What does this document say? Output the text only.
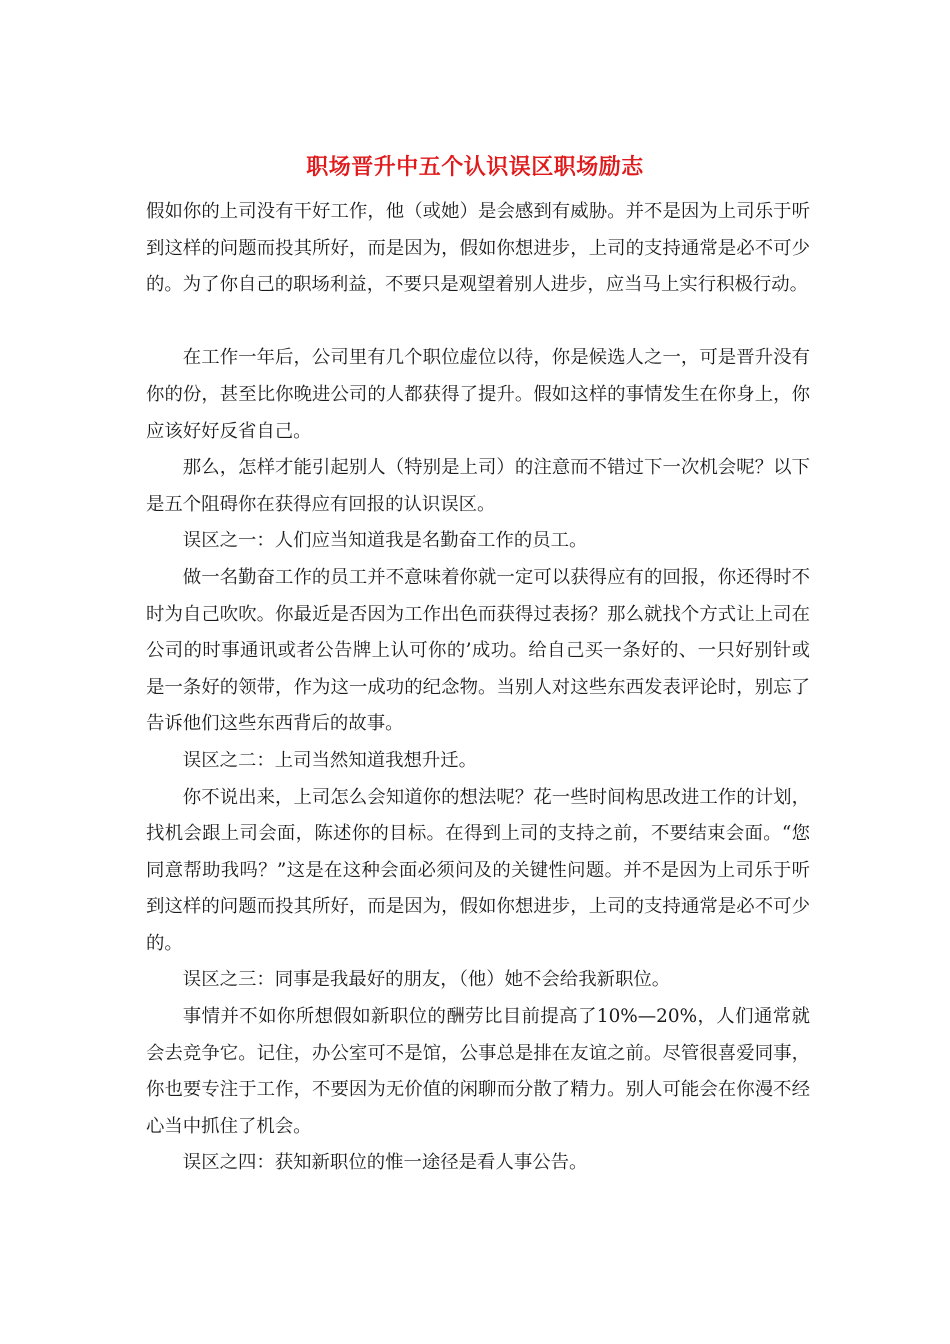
职场晋升中五个认识误区职场励志

假如你的上司没有干好工作，他（或她）是会感到有威胁。并不是因为上司乐于听到这样的问题而投其所好，而是因为，假如你想进步，上司的支持通常是必不可少的。为了你自己的职场利益，不要只是观望着别人进步，应当马上实行积极行动。

在工作一年后，公司里有几个职位虚位以待，你是候选人之一，可是晋升没有你的份，甚至比你晚进公司的人都获得了提升。假如这样的事情发生在你身上，你应该好好反省自己。

那么，怎样才能引起别人（特别是上司）的注意而不错过下一次机会呢？以下是五个阻碍你在获得应有回报的认识误区。

误区之一：人们应当知道我是名勤奋工作的员工。

做一名勤奋工作的员工并不意味着你就一定可以获得应有的回报，你还得时不时为自己吹吹。你最近是否因为工作出色而获得过表扬？那么就找个方式让上司在公司的时事通讯或者公告牌上认可你的’成功。给自己买一条好的、一只好别针或是一条好的领带，作为这一成功的纪念物。当别人对这些东西发表评论时，别忘了告诉他们这些东西背后的故事。

误区之二：上司当然知道我想升迁。

你不说出来，上司怎么会知道你的想法呢？花一些时间构思改进工作的计划，找机会跟上司会面，陈述你的目标。在得到上司的支持之前，不要结束会面。“您同意帮助我吗？”这是在这种会面必须问及的关键性问题。并不是因为上司乐于听到这样的问题而投其所好，而是因为，假如你想进步，上司的支持通常是必不可少的。

误区之三：同事是我最好的朋友，（他）她不会给我新职位。

事情并不如你所想假如新职位的酬劳比目前提高了10%—20%，人们通常就会去竞争它。记住，办公室可不是馆，公事总是排在友谊之前。尽管很喜爱同事，你也要专注于工作，不要因为无价值的闲聊而分散了精力。别人可能会在你漫不经心当中抓住了机会。

误区之四：获知新职位的惟一途径是看人事公告。
